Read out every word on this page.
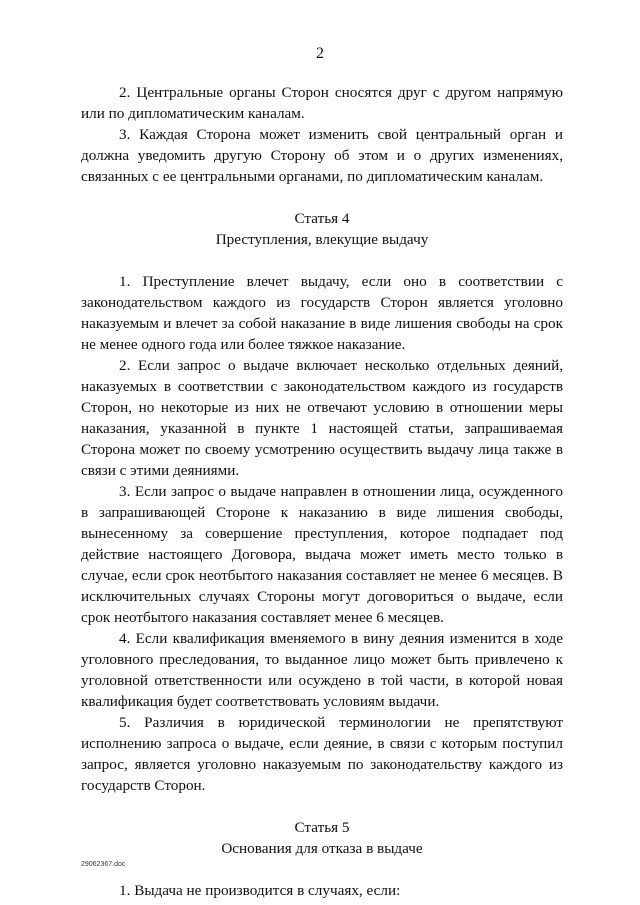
2

2. Центральные органы Сторон сносятся друг с другом напрямую или по дипломатическим каналам.

3. Каждая Сторона может изменить свой центральный орган и должна уведомить другую Сторону об этом и о других изменениях, связанных с ее центральными органами, по дипломатическим каналам.

Статья 4

Преступления, влекущие выдачу

1. Преступление влечет выдачу, если оно в соответствии с законодательством каждого из государств Сторон является уголовно наказуемым и влечет за собой наказание в виде лишения свободы на срок не менее одного года или более тяжкое наказание.

2. Если запрос о выдаче включает несколько отдельных деяний, наказуемых в соответствии с законодательством каждого из государств Сторон, но некоторые из них не отвечают условию в отношении меры наказания, указанной в пункте 1 настоящей статьи, запрашиваемая Сторона может по своему усмотрению осуществить выдачу лица также в связи с этими деяниями.

3. Если запрос о выдаче направлен в отношении лица, осужденного в запрашивающей Стороне к наказанию в виде лишения свободы, вынесенному за совершение преступления, которое подпадает под действие настоящего Договора, выдача может иметь место только в случае, если срок неотбытого наказания составляет не менее 6 месяцев. В исключительных случаях Стороны могут договориться о выдаче, если срок неотбытого наказания составляет менее 6 месяцев.

4. Если квалификация вменяемого в вину деяния изменится в ходе уголовного преследования, то выданное лицо может быть привлечено к уголовной ответственности или осуждено в той части, в которой новая квалификация будет соответствовать условиям выдачи.

5. Различия в юридической терминологии не препятствуют исполнению запроса о выдаче, если деяние, в связи с которым поступил запрос, является уголовно наказуемым по законодательству каждого из государств Сторон.

Статья 5

Основания для отказа в выдаче

1. Выдача не производится в случаях, если:

29062367.doc
